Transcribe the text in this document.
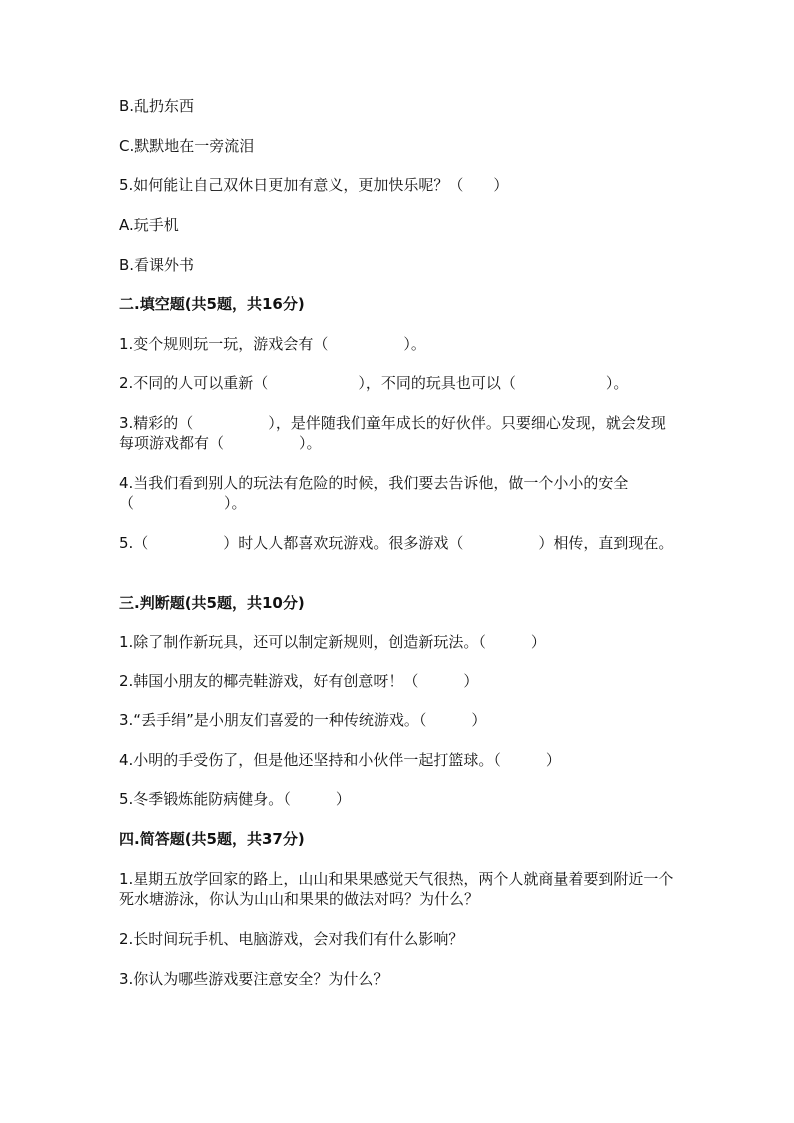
B.乱扔东西
C.默默地在一旁流泪
5.如何能让自己双休日更加有意义，更加快乐呢？（　　）
A.玩手机
B.看课外书
二.填空题(共5题，共16分)
1.变个规则玩一玩，游戏会有（　　　　　）。
2.不同的人可以重新（　　　　　　），不同的玩具也可以（　　　　　　）。
3.精彩的（　　　　　），是伴随我们童年成长的好伙伴。只要细心发现，就会发现每项游戏都有（　　　　　）。
4.当我们看到别人的玩法有危险的时候，我们要去告诉他，做一个小小的安全（　　　　　　）。
5.（　　　　　）时人人都喜欢玩游戏。很多游戏（　　　　　）相传，直到现在。
三.判断题(共5题，共10分)
1.除了制作新玩具，还可以制定新规则，创造新玩法。（　　　）
2.韩国小朋友的椰壳鞋游戏，好有创意呀！（　　　）
3.“丢手绢”是小朋友们喜爱的一种传统游戏。（　　　）
4.小明的手受伤了，但是他还坚持和小伙伴一起打篮球。（　　　）
5.冬季锻炼能防病健身。（　　　）
四.简答题(共5题，共37分)
1.星期五放学回家的路上，山山和果果感觉天气很热，两个人就商量着要到附近一个死水塘游泳，你认为山山和果果的做法对吗？为什么？
2.长时间玩手机、电脑游戏，会对我们有什么影响？
3.你认为哪些游戏要注意安全？为什么？
